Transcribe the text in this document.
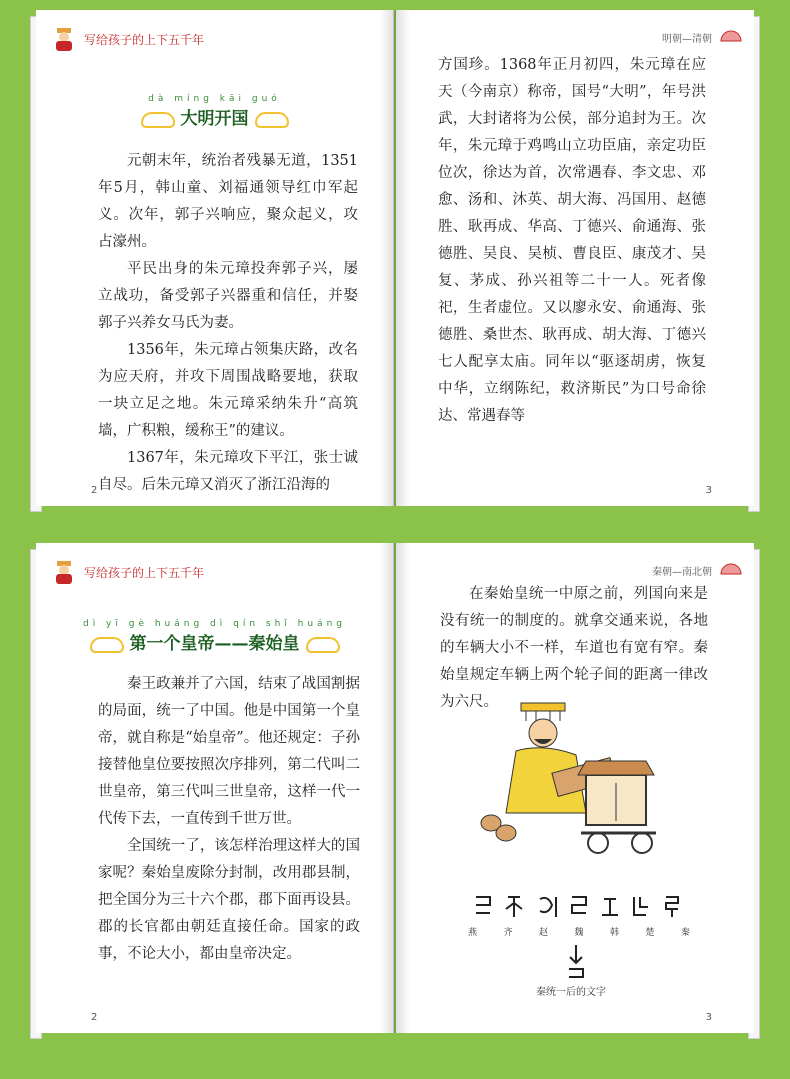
写给孩子的上下五千年
dà míng kāi guó
大明开国

元朝末年，统治者残暴无道，1351年5月，韩山童、刘福通领导红巾军起义。次年，郭子兴响应，聚众起义，攻占濠州。

平民出身的朱元璋投奔郭子兴，屡立战功，备受郭子兴器重和信任，并娶郭子兴养女马氏为妻。

1356年，朱元璋占领集庆路，改名为应天府，并攻下周围战略要地，获取一块立足之地。朱元璋采纳朱升“高筑墙，广积粮，缓称王”的建议。

1367年，朱元璋攻下平江，张士诚自尽。后朱元璋又消灭了浙江沿海的

2
明朝—清朝

方国珍。1368年正月初四，朱元璋在应天（今南京）称帝，国号“大明”，年号洪武，大封诸将为公侯，部分追封为王。次年，朱元璋于鸡鸣山立功臣庙，亲定功臣位次，徐达为首，次常遇春、李文忠、邓愈、汤和、沐英、胡大海、冯国用、赵德胜、耿再成、华高、丁德兴、俞通海、张德胜、吴良、吴桢、曹良臣、康茂才、吴复、茅成、孙兴祖等二十一人。死者像祀，生者虚位。又以廖永安、俞通海、张德胜、桑世杰、耿再成、胡大海、丁德兴七人配享太庙。同年以“驱逐胡虏，恢复中华，立纲陈纪，救济斯民”为口号命徐达、常遇春等

3
写给孩子的上下五千年
dì yī gè huáng dì qín shǐ huáng
第一个皇帝——秦始皇

秦王政兼并了六国，结束了战国割据的局面，统一了中国。他是中国第一个皇帝，就自称是“始皇帝”。他还规定：子孙接替他皇位要按照次序排列，第二代叫二世皇帝，第三代叫三世皇帝，这样一代一代传下去，一直传到千世万世。

全国统一了，该怎样治理这样大的国家呢？秦始皇废除分封制，改用郡县制，把全国分为三十六个郡，郡下面再设县。郡的长官都由朝廷直接任命。国家的政事，不论大小，都由皇帝决定。

2
秦朝—南北朝

在秦始皇统一中原之前，列国向来是没有统一的制度的。就拿交通来说，各地的车辆大小不一样，车道也有宽有窄。秦始皇规定车辆上两个轮子间的距离一律改为六尺。

燕	齐	赵	魏	韩	楚	秦
秦统一后的文字
3
